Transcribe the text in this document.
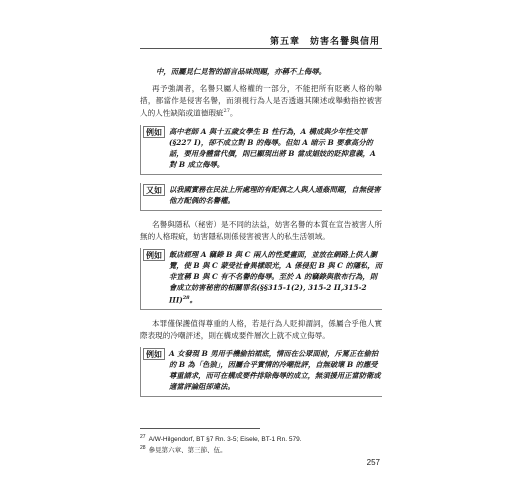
第五章　妨害名譽與信用

中，而屬見仁見智的語言品味問題，亦稱不上侮辱。

再予強調者，名譽只屬人格權的一部分，不能把所有貶褻人格的舉措，都當作是侵害名譽，而須視行為人是否透過其陳述或舉動指控被害人的人性缺陷或道德瑕疵$^{27}$。

例如 高中老師 A 與十五歲女學生 B 性行為，A 構成與少年性交罪(§227 I)，卻不成立對 B 的侮辱。但如 A 暗示 B 要拿高分的話，要用身體當代價，則已顯現出將 B 當成娼妓的貶抑意義，A 對 B 成立侮辱。
又如 以我國實務在民法上所處理的有配偶之人與人通姦問題，自無侵害他方配偶的名譽權。

名譽與隱私（秘密）是不同的法益，妨害名譽的本質在宣告被害人所無的人格瑕疵，妨害隱私則係侵害被害人的私生活領域。

例如 飯店經理 A 竊錄 B 與 C 兩人的性愛畫面，並放在網路上供人瀏覽，使 B 與 C 蒙受社會異樣眼光，A 係侵犯 B 與 C 的隱私，而非宣稱 B 與 C 有不名譽的侮辱。至於 A 的竊錄與散布行為，則會成立妨害秘密的相關罪名(§§315-1(2), 315-2 II,315-2 III)$^{28}$。

本罪僅保護值得尊重的人格，若是行為人貶抑謂詞，係屬合乎他人實際表現的冷嘲評述，則在構成要件層次上就不成立侮辱。

例如 A 女發現 B 男用手機偷拍裙底，情而在公眾面前，斥罵正在偷拍的 B 為「色狼」，因屬合乎實情的冷嘲批評，自無破壞 B 的應受尊重請求，而可在構成要件排除侮辱的成立，無須援用正當防衛或適當評論阻卻違法。
$^{27}$ A/W-Hilgendorf, BT §7 Rn. 3-5; Eisele, BT-1 Rn. 579.
$^{28}$ 參見第六章、第三節、伍。
257
